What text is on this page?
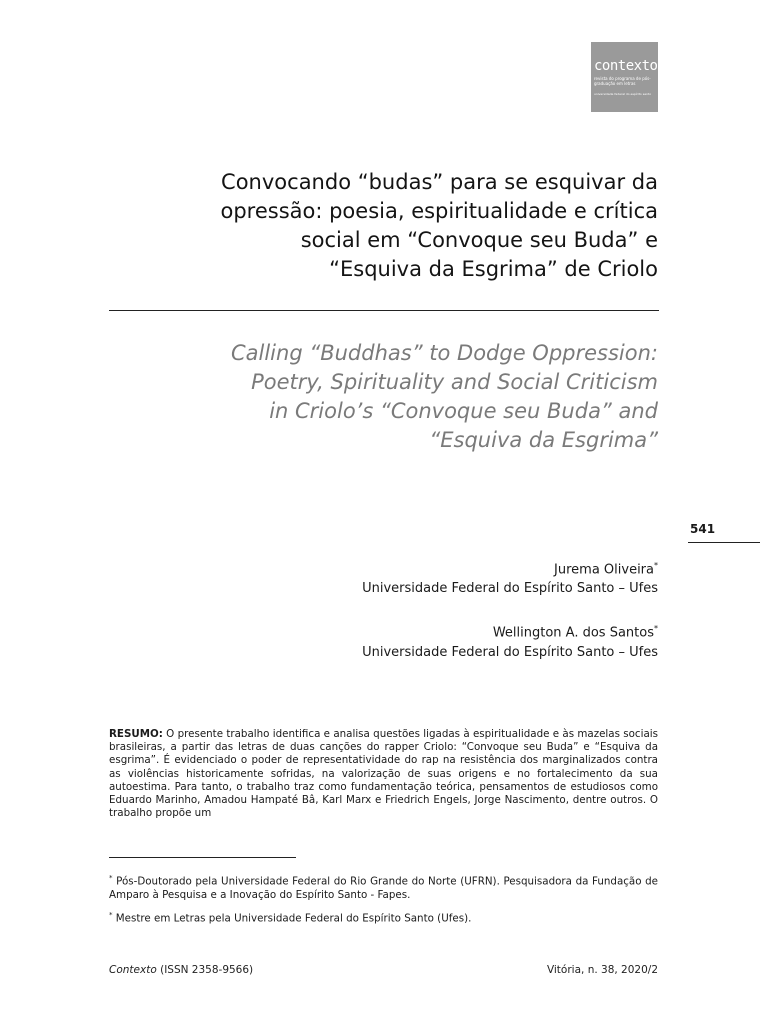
contexto
revista do programa de pós-graduação em letras
universidade federal do espírito santo
Convocando “budas” para se esquivar da
opressão: poesia, espiritualidade e crítica
social em “Convoque seu Buda” e
“Esquiva da Esgrima” de Criolo
Calling “Buddhas” to Dodge Oppression:
Poetry, Spirituality and Social Criticism
in Criolo’s “Convoque seu Buda” and
“Esquiva da Esgrima”
541
Jurema Oliveira*
Universidade Federal do Espírito Santo – Ufes
Wellington A. dos Santos*
Universidade Federal do Espírito Santo – Ufes
RESUMO: O presente trabalho identifica e analisa questões ligadas à espiritualidade e às mazelas sociais brasileiras, a partir das letras de duas canções do rapper Criolo: “Convoque seu Buda” e “Esquiva da esgrima”. É evidenciado o poder de representatividade do rap na resistência dos marginalizados contra as violências historicamente sofridas, na valorização de suas origens e no fortalecimento da sua autoestima. Para tanto, o trabalho traz como fundamentação teórica, pensamentos de estudiosos como Eduardo Marinho, Amadou Hampaté Bâ, Karl Marx e Friedrich Engels, Jorge Nascimento, dentre outros. O trabalho propõe um

* Pós-Doutorado pela Universidade Federal do Rio Grande do Norte (UFRN). Pesquisadora da Fundação de Amparo à Pesquisa e a Inovação do Espírito Santo - Fapes.

* Mestre em Letras pela Universidade Federal do Espírito Santo (Ufes).

Contexto (ISSN 2358-9566)	Vitória, n. 38, 2020/2
